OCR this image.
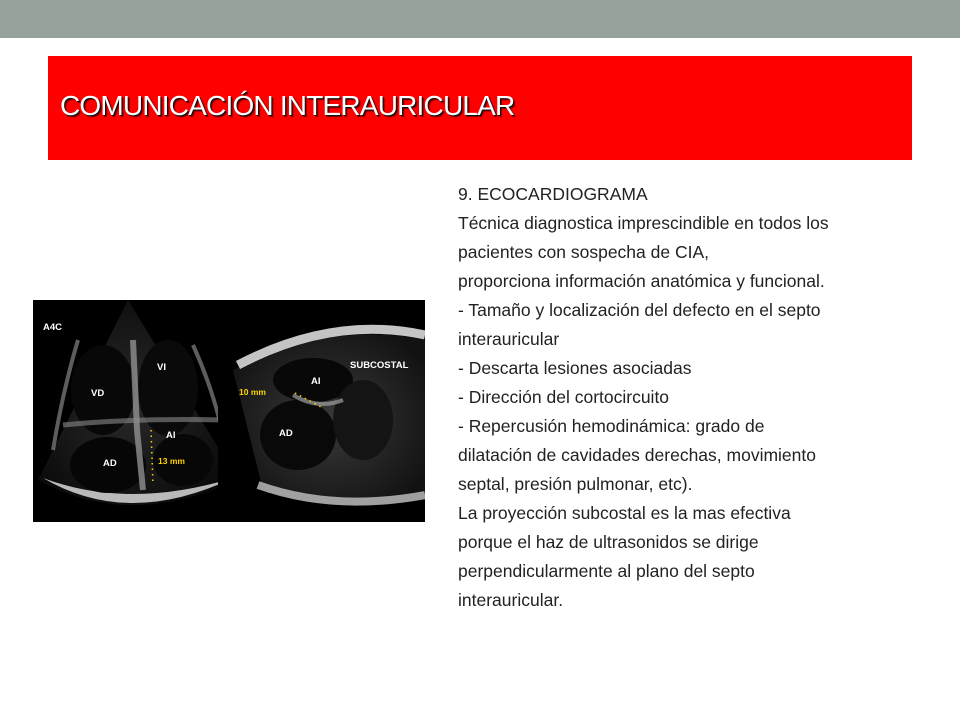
COMUNICACIÓN INTERAURICULAR

9. ECOCARDIOGRAMA

Técnica diagnostica imprescindible en todos los

pacientes con sospecha de CIA,

proporciona información anatómica y funcional.

- Tamaño y localización del defecto en el septo

interauricular

- Descarta lesiones asociadas

- Dirección del cortocircuito

- Repercusión hemodinámica: grado de

dilatación de cavidades derechas, movimiento

septal, presión pulmonar, etc).

La proyección subcostal es la mas efectiva

porque el haz de ultrasonidos se dirige

perpendicularmente al plano del septo

interauricular.

A4C
VD
VI
AD
AI
13 mm
SUBCOSTAL
AI
AD
10 mm
